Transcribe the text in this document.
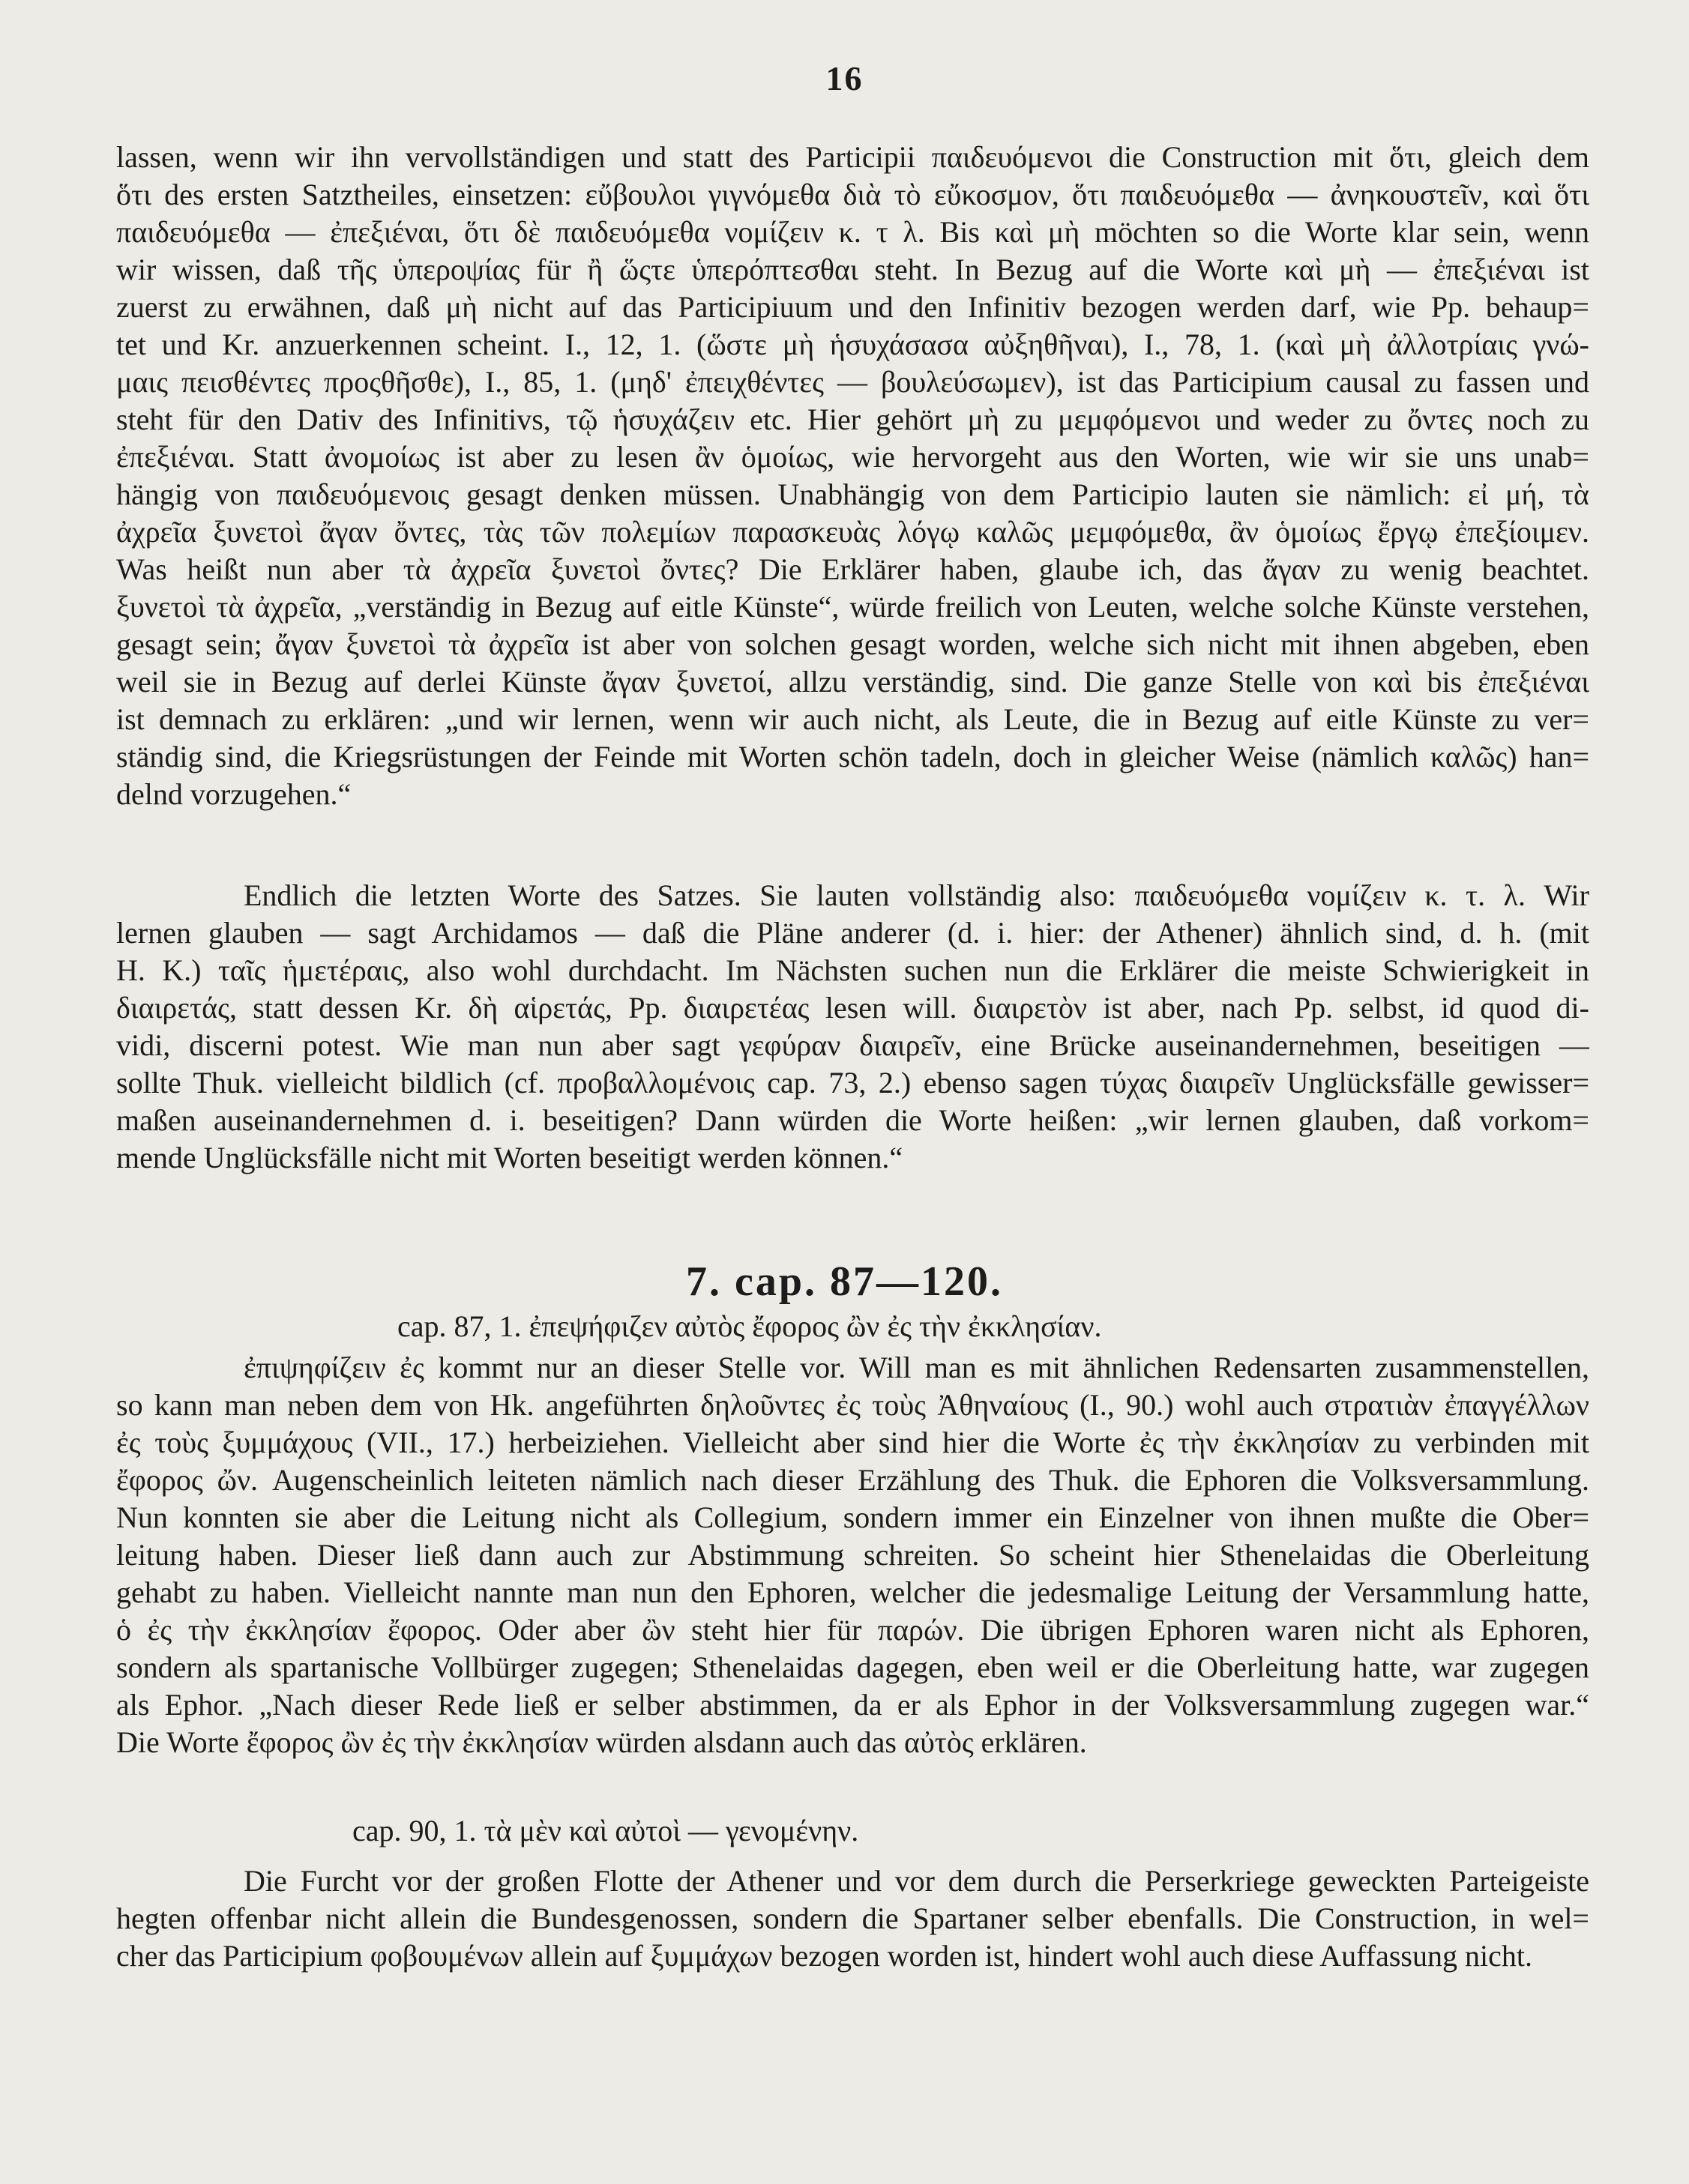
16
lassen, wenn wir ihn vervollständigen und statt des Participii παιδευόμενοι die Construction mit ὅτι, gleich dem
ὅτι des ersten Satztheiles, einsetzen: εὔβουλοι γιγνόμεθα διὰ τὸ εὔκοσμον, ὅτι παιδευόμεθα — ἀνηκουστεῖν, καὶ ὅτι
παιδευόμεθα — ἐπεξιέναι, ὅτι δὲ παιδευόμεθα νομίζειν κ. τ λ. Bis καὶ μὴ möchten so die Worte klar sein, wenn
wir wissen, daß τῆς ὑπεροψίας für ἢ ὥςτε ὑπερόπτεσθαι steht. In Bezug auf die Worte καὶ μὴ — ἐπεξιέναι ist
zuerst zu erwähnen, daß μὴ nicht auf das Participiuum und den Infinitiv bezogen werden darf, wie Pp. behaup=
tet und Kr. anzuerkennen scheint. I., 12, 1. (ὥστε μὴ ἡσυχάσασα αὐξηθῆναι), I., 78, 1. (καὶ μὴ ἀλλοτρίαις γνώ-
μαις πεισθέντες προςθῆσθε), I., 85, 1. (μηδ' ἐπειχθέντες — βουλεύσωμεν), ist das Participium causal zu fassen und
steht für den Dativ des Infinitivs, τῷ ἡσυχάζειν etc. Hier gehört μὴ zu μεμφόμενοι und weder zu ὄντες noch zu
ἐπεξιέναι. Statt ἀνομοίως ist aber zu lesen ἂν ὁμοίως, wie hervorgeht aus den Worten, wie wir sie uns unab=
hängig von παιδευόμενοις gesagt denken müssen. Unabhängig von dem Participio lauten sie nämlich: εἰ μή, τὰ
ἀχρεῖα ξυνετοὶ ἄγαν ὄντες, τὰς τῶν πολεμίων παρασκευὰς λόγῳ καλῶς μεμφόμεθα, ἂν ὁμοίως ἔργῳ ἐπεξίοιμεν.
Was heißt nun aber τὰ ἀχρεῖα ξυνετοὶ ὄντες? Die Erklärer haben, glaube ich, das ἄγαν zu wenig beachtet.
ξυνετοὶ τὰ ἀχρεῖα, „verständig in Bezug auf eitle Künste“, würde freilich von Leuten, welche solche Künste verstehen,
gesagt sein; ἄγαν ξυνετοὶ τὰ ἀχρεῖα ist aber von solchen gesagt worden, welche sich nicht mit ihnen abgeben, eben
weil sie in Bezug auf derlei Künste ἄγαν ξυνετοί, allzu verständig, sind. Die ganze Stelle von καὶ bis ἐπεξιέναι
ist demnach zu erklären: „und wir lernen, wenn wir auch nicht, als Leute, die in Bezug auf eitle Künste zu ver=
ständig sind, die Kriegsrüstungen der Feinde mit Worten schön tadeln, doch in gleicher Weise (nämlich καλῶς) han=
delnd vorzugehen.“
Endlich die letzten Worte des Satzes. Sie lauten vollständig also: παιδευόμεθα νομίζειν κ. τ. λ. Wir
lernen glauben — sagt Archidamos — daß die Pläne anderer (d. i. hier: der Athener) ähnlich sind, d. h. (mit
H. K.) ταῖς ἡμετέραις, also wohl durchdacht. Im Nächsten suchen nun die Erklärer die meiste Schwierigkeit in
διαιρετάς, statt dessen Kr. δὴ αἱρετάς, Pp. διαιρετέας lesen will. διαιρετὸν ist aber, nach Pp. selbst, id quod di-
vidi, discerni potest. Wie man nun aber sagt γεφύραν διαιρεῖν, eine Brücke auseinandernehmen, beseitigen —
sollte Thuk. vielleicht bildlich (cf. προβαλλομένοις cap. 73, 2.) ebenso sagen τύχας διαιρεῖν Unglücksfälle gewisser=
maßen auseinandernehmen d. i. beseitigen? Dann würden die Worte heißen: „wir lernen glauben, daß vorkom=
mende Unglücksfälle nicht mit Worten beseitigt werden können.“
7. cap. 87—120.
cap. 87, 1. ἐπεψήφιζεν αὐτὸς ἔφορος ὢν ἐς τὴν ἐκκλησίαν.
ἐπιψηφίζειν ἐς kommt nur an dieser Stelle vor. Will man es mit ähnlichen Redensarten zusammenstellen,
so kann man neben dem von Hk. angeführten δηλοῦντες ἐς τοὺς Ἀθηναίους (I., 90.) wohl auch στρατιὰν ἐπαγγέλλων
ἐς τοὺς ξυμμάχους (VII., 17.) herbeiziehen. Vielleicht aber sind hier die Worte ἐς τὴν ἐκκλησίαν zu verbinden mit
ἔφορος ὤν. Augenscheinlich leiteten nämlich nach dieser Erzählung des Thuk. die Ephoren die Volksversammlung.
Nun konnten sie aber die Leitung nicht als Collegium, sondern immer ein Einzelner von ihnen mußte die Ober=
leitung haben. Dieser ließ dann auch zur Abstimmung schreiten. So scheint hier Sthenelaidas die Oberleitung
gehabt zu haben. Vielleicht nannte man nun den Ephoren, welcher die jedesmalige Leitung der Versammlung hatte,
ὁ ἐς τὴν ἐκκλησίαν ἔφορος. Oder aber ὢν steht hier für παρών. Die übrigen Ephoren waren nicht als Ephoren,
sondern als spartanische Vollbürger zugegen; Sthenelaidas dagegen, eben weil er die Oberleitung hatte, war zugegen
als Ephor. „Nach dieser Rede ließ er selber abstimmen, da er als Ephor in der Volksversammlung zugegen war.“
Die Worte ἔφορος ὢν ἐς τὴν ἐκκλησίαν würden alsdann auch das αὐτὸς erklären.
cap. 90, 1. τὰ μὲν καὶ αὐτοὶ — γενομένην.
Die Furcht vor der großen Flotte der Athener und vor dem durch die Perserkriege geweckten Parteigeiste
hegten offenbar nicht allein die Bundesgenossen, sondern die Spartaner selber ebenfalls. Die Construction, in wel=
cher das Participium φοβουμένων allein auf ξυμμάχων bezogen worden ist, hindert wohl auch diese Auffassung nicht.
